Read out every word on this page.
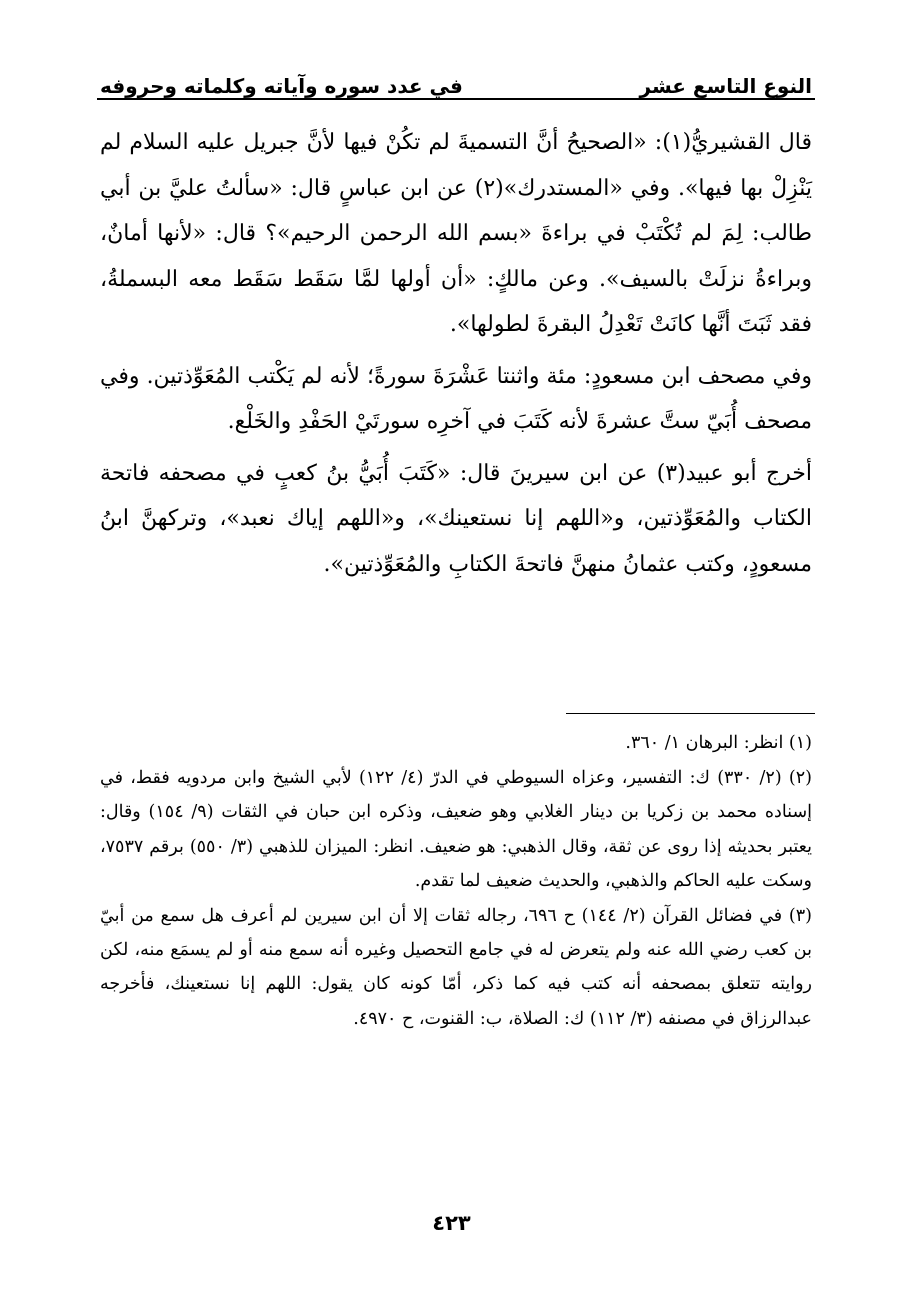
النوع التاسع عشر
في عدد سوره وآياته وكلماته وحروفه

قال القشيريُّ(١): «الصحيحُ أنَّ التسميةَ لم تكُنْ فيها لأنَّ جبريل عليه السلام لم يَنْزِلْ بها فيها». وفي «المستدرك»(٢) عن ابن عباسٍ قال: «سألتُ عليَّ بن أبي طالب: لِمَ لم تُكْتَبْ في براءةَ «بسم الله الرحمن الرحيم»؟ قال: «لأنها أمانٌ، وبراءةُ نزلَتْ بالسيف». وعن مالكٍ: «أن أولها لمَّا سَقَط سَقَط معه البسملةُ، فقد ثَبَتَ أنَّها كانَتْ تَعْدِلُ البقرةَ لطولها».

وفي مصحف ابن مسعودٍ: مئة واثنتا عَشْرَةَ سورةً؛ لأنه لم يَكْتب المُعَوِّذتين. وفي مصحف أُبَيّ ستَّ عشرةَ لأنه كَتَبَ في آخرِه سورتَيْ الحَفْدِ والخَلْع.

أخرج أبو عبيد(٣) عن ابن سيرينَ قال: «كَتَبَ أُبَيُّ بنُ كعبٍ في مصحفه فاتحة الكتاب والمُعَوِّذتين، و«اللهم إنا نستعينك»، و«اللهم إياك نعبد»، وتركهنَّ ابنُ مسعودٍ، وكتب عثمانُ منهنَّ فاتحةَ الكتابِ والمُعَوِّذتين».

(١) انظر: البرهان ١/ ٣٦٠.

(٢) (٢/ ٣٣٠) ك: التفسير، وعزاه السيوطي في الدرّ (٤/ ١٢٢) لأبي الشيخ وابن مردويه فقط، في إسناده محمد بن زكريا بن دينار الغلابي وهو ضعيف، وذكره ابن حبان في الثقات (٩/ ١٥٤) وقال: يعتبر بحديثه إذا روى عن ثقة، وقال الذهبي: هو ضعيف. انظر: الميزان للذهبي (٣/ ٥٥٠) برقم ٧٥٣٧، وسكت عليه الحاكم والذهبي، والحديث ضعيف لما تقدم.

(٣) في فضائل القرآن (٢/ ١٤٤) ح ٦٩٦، رجاله ثقات إلا أن ابن سيرين لم أعرف هل سمع من أبيّ بن كعب رضي الله عنه ولم يتعرض له في جامع التحصيل وغيره أنه سمع منه أو لم يسمَع منه، لكن روايته تتعلق بمصحفه أنه كتب فيه كما ذكر، أمّا كونه كان يقول: اللهم إنا نستعينك، فأخرجه عبدالرزاق في مصنفه (٣/ ١١٢) ك: الصلاة، ب: القنوت، ح ٤٩٧٠.

٤٢٣
